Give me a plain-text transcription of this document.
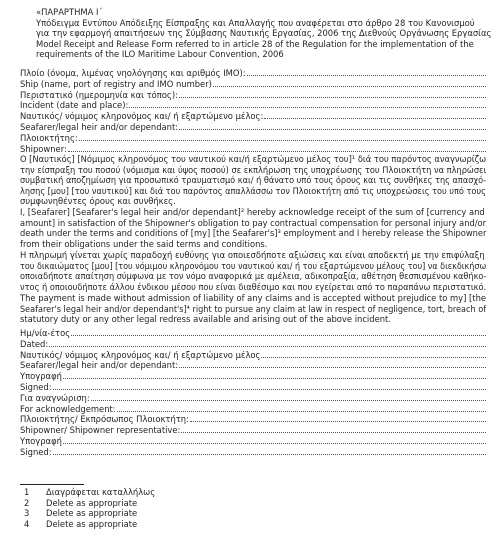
«ΠΑΡΑΡΤΗΜΑ Ι΄
Υπόδειγμα Εντύπου Απόδειξης Είσπραξης και Απαλλαγής που αναφέρεται στο άρθρο 28 του Κανονισμού
για την εφαρμογή απαιτήσεων της Σύμβασης Ναυτικής Εργασίας, 2006 της Διεθνούς Οργάνωσης Εργασίας
Model Receipt and Release Form referred to in article 28 of the Regulation for the implementation of the
requirements of the ILO Maritime Labour Convention, 2006
Πλοίο (όνομα, λιμένας νηολόγησης και αριθμός IMO):
Ship (name, port of registry and IMO number)
Περιστατικό (ημερομηνία και τόπος):
Incident (date and place):
Ναυτικός/ νόμιμος κληρονόμος και/ ή εξαρτώμενο μέλος:
Seafarer/legal heir and/or dependant:
Πλοιοκτήτης:
Shipowner:
Ο [Ναυτικός] [Νόμιμος κληρονόμος του ναυτικού και/ή εξαρτώμενο μέλος του]¹ διά του παρόντος αναγνωρίζω
την είσπραξη του ποσού (νόμισμα και ύψος ποσού) σε εκπλήρωση της υποχρέωσης του Πλοιοκτήτη να πληρώσει
συμβατική αποζημίωση για προσωπικό τραυματισμό και/ ή θάνατο υπό τους όρους και τις συνθήκες της απασχό-
λησης [μου] [του ναυτικού] και διά του παρόντος απαλλάσσω τον Πλοιοκτήτη από τις υποχρεώσεις του υπό τους
συμφωνηθέντες όρους και συνθήκες.
I, [Seafarer] [Seafarer's legal heir and/or dependant]² hereby acknowledge receipt of the sum of [currency and
amount] in satisfaction of the Shipowner's obligation to pay contractual compensation for personal injury and/or
death under the terms and conditions of [my] [the Seafarer's]³ employment and I hereby release the Shipowner
from their obligations under the said terms and conditions.
Η πληρωμή γίνεται χωρίς παραδοχή ευθύνης για οποιεσδήποτε αξιώσεις και είναι αποδεκτή με την επιφύλαξη
του δικαιώματος [μου] [του νόμιμου κληρονόμου του ναυτικού και/ ή του εξαρτώμενου μέλους του] να διεκδικήσω
οποιαδήποτε απαίτηση σύμφωνα με τον νόμο αναφορικά με αμέλεια, αδικοπραξία, αθέτηση θεσπισμένου καθήκο-
ντος ή οποιουδήποτε άλλου ένδικου μέσου που είναι διαθέσιμο και που εγείρεται από το παραπάνω περιστατικό.
The payment is made without admission of liability of any claims and is accepted without prejudice to my] [the
Seafarer's legal heir and/or dependant's]⁴ right to pursue any claim at law in respect of negligence, tort, breach of
statutory duty or any other legal redress available and arising out of the above incident.
Ημ/νία-έτος
Dated:
Ναυτικός/ νόμιμος κληρονόμος και/ ή εξαρτώμενο μέλος
Seafarer/legal heir and/or dependant:
Υπογραφή
Signed:
Για αναγνώριση:
For acknowledgement:
Πλοιοκτήτης/ Εκπρόσωπος Πλοιοκτήτη:
Shipowner/ Shipowner representative:
Υπογραφή
Signed:
1	Διαγράφεται καταλλήλως
2	Delete as appropriate
3	Delete as appropriate
4	Delete as appropriate
